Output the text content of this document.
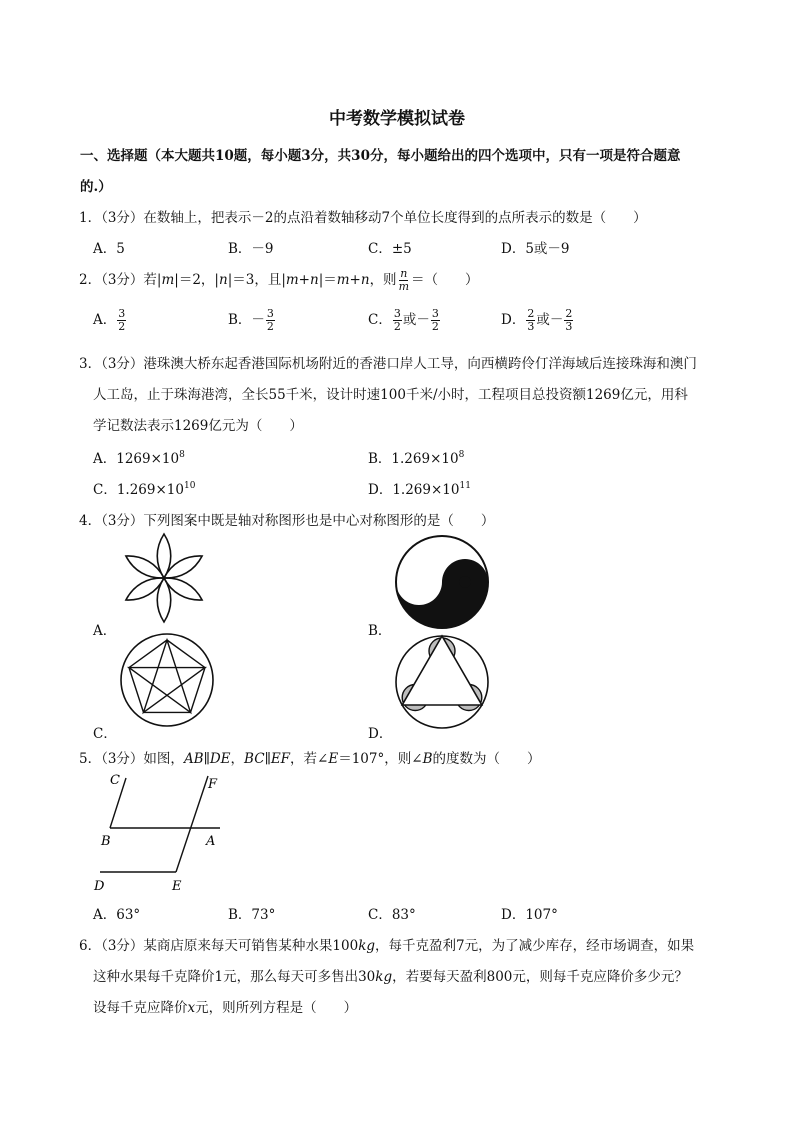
中考数学模拟试卷
一、选择题（本大题共10题，每小题3分，共30分，每小题给出的四个选项中，只有一项是符合题意
的.）
1．（3分）在数轴上，把表示－2的点沿着数轴移动7个单位长度得到的点所表示的数是（　　）
A．5	B．－9	C．±5	D．5或－9
2．（3分）若|m|＝2，|n|＝3，且|m+n|＝m+n，则 $\frac{n}{m}$ ＝（　　）
A． $\frac{3}{2}$	B．－ $\frac{3}{2}$	C． $\frac{3}{2}$ 或－ $\frac{3}{2}$	D． $\frac{2}{3}$ 或－ $\frac{2}{3}$
3．（3分）港珠澳大桥东起香港国际机场附近的香港口岸人工导，向西横跨伶仃洋海域后连接珠海和澳门
人工岛，止于珠海港湾，全长55千米，设计时速100千米/小时，工程项目总投资额1269亿元，用科
学记数法表示1269亿元为（　　）
A．$1269\times 10^8$	B．$1.269\times 10^8$
C．$1.269\times 10^{10}$	D．$1.269\times 10^{11}$
4．（3分）下列图案中既是轴对称图形也是中心对称图形的是（　　）
A．	B．
C．	D．
5．（3分）如图，AB∥DE，BC∥EF，若∠E＝107°，则∠B的度数为（　　）
C	F
B	A
D	E
A．63°	B．73°	C．83°	D．107°
6．（3分）某商店原来每天可销售某种水果100kg，每千克盈利7元，为了减少库存，经市场调查，如果
这种水果每千克降价1元，那么每天可多售出30kg，若要每天盈利800元，则每千克应降价多少元？
设每千克应降价x元，则所列方程是（　　）
